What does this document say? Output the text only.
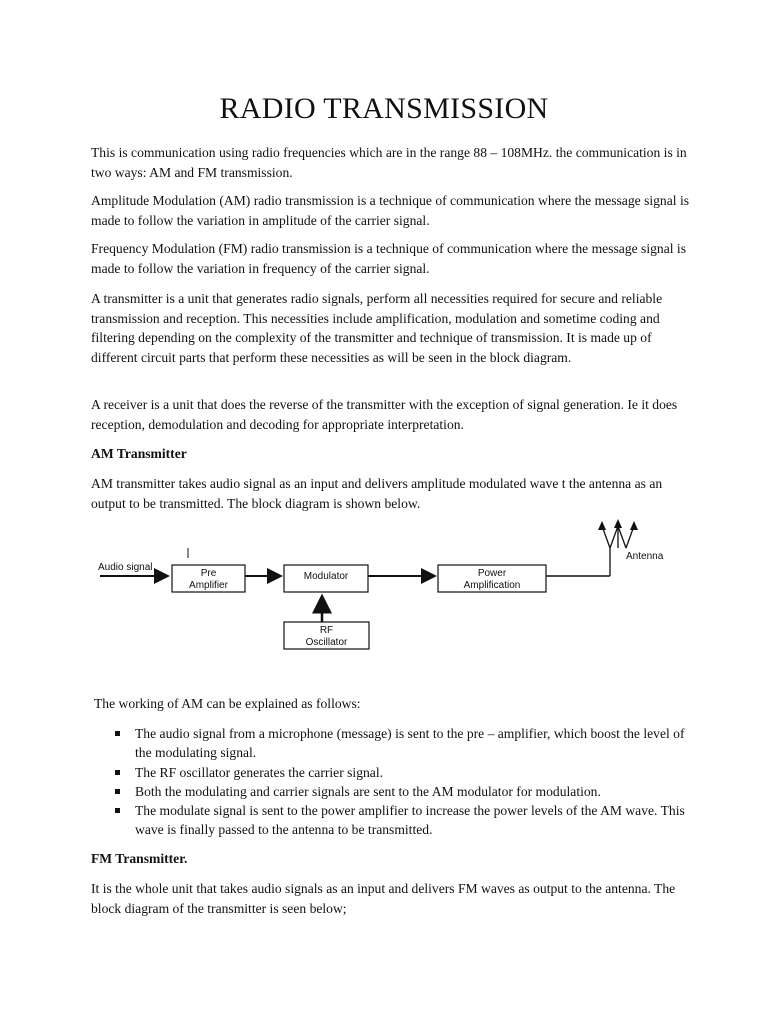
RADIO TRANSMISSION

This is communication using radio frequencies which are in the range 88 – 108MHz. the communication is in two ways: AM and FM transmission.

Amplitude Modulation (AM) radio transmission is a technique of communication where the message signal is made to follow the variation in amplitude of the carrier signal.

Frequency Modulation (FM) radio transmission is a technique of communication where the message signal is made to follow the variation in frequency of the carrier signal.

A transmitter is a unit that generates radio signals, perform all necessities required for secure and reliable transmission and reception. This necessities include amplification, modulation and sometime coding and filtering depending on the complexity of the transmitter and technique of transmission. It is made up of different circuit parts that perform these necessities as will be seen in the block diagram.

A receiver is a unit that does the reverse of the transmitter with the exception of signal generation. Ie it does reception, demodulation and decoding for appropriate interpretation.

AM Transmitter

AM transmitter takes audio signal as an input and delivers amplitude modulated wave t the antenna as an output to be transmitted. The block diagram is shown below.

Audio signal
Pre
Amplifier
Modulator	Power
Amplification
RF
Oscillator
Antenna

The working of AM can be explained as follows:

The audio signal from a microphone (message) is sent to the pre – amplifier, which boost the level of the modulating signal.
The RF oscillator generates the carrier signal.
Both the modulating and carrier signals are sent to the AM modulator for modulation.
The modulate signal is sent to the power amplifier to increase the power levels of the AM wave. This wave is finally passed to the antenna to be transmitted.

FM Transmitter.

It is the whole unit that takes audio signals as an input and delivers FM waves as output to the antenna. The block diagram of the transmitter is seen below;
